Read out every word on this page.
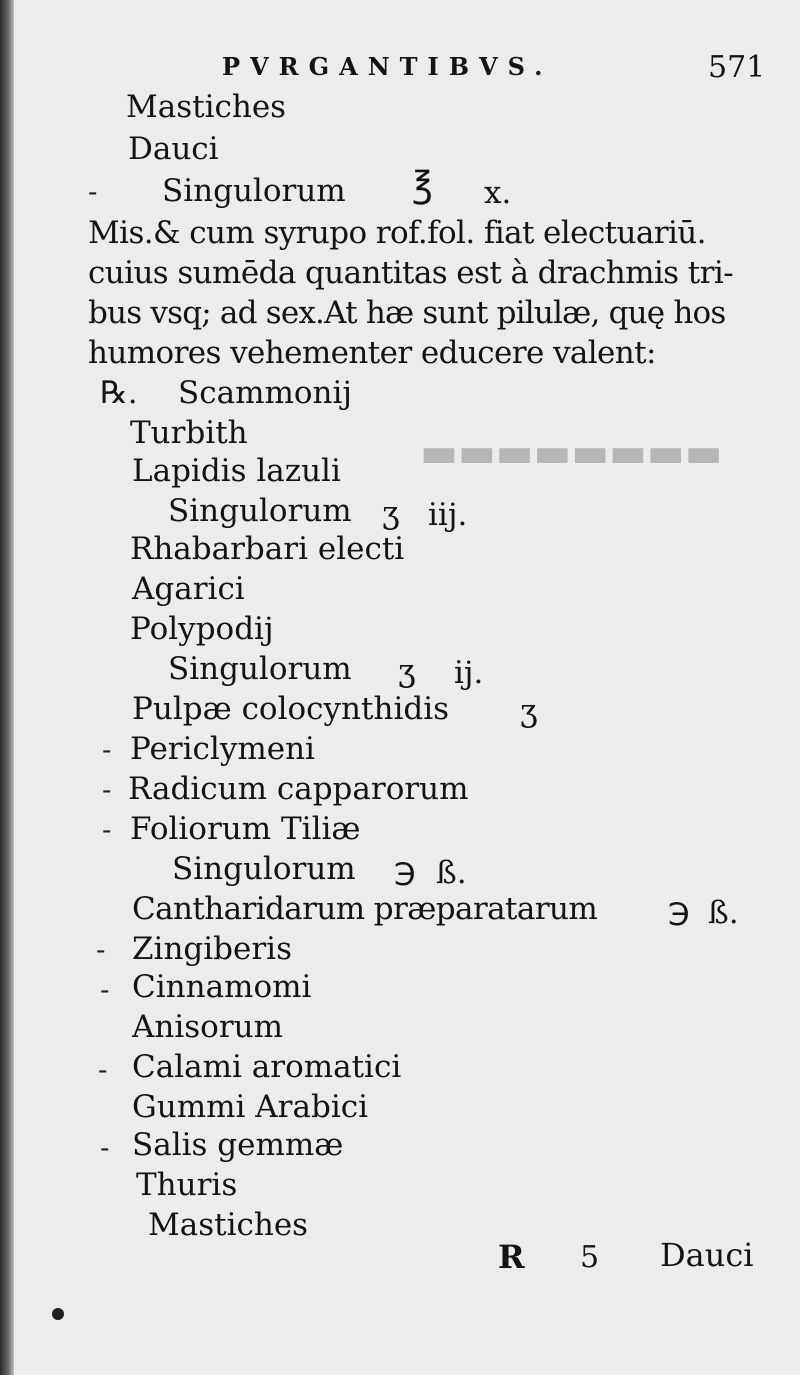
▬▬▬▬▬▬▬▬
PVRGANTIBVS.	571
Mastiches
Dauci
- Singulorum ℥ x.
Mis.& cum syrupo rof.fol. fiat electuariū.
cuius sumēda quantitas est à drachmis tri-
bus vsq; ad sex.At hæ sunt pilulæ, quę hos
humores vehementer educere valent:
℞. Scammonij
Turbith
Lapidis lazuli
Singulorum ʒ iij.
Rhabarbari electi
Agarici
Polypodij
Singulorum ʒ ij.
Pulpæ colocynthidis ʒ
- Periclymeni
- Radicum capparorum
- Foliorum Tiliæ
Singulorum ℈ ß.
Cantharidarum præparatarum ℈ ß.
- Zingiberis
- Cinnamomi
Anisorum
- Calami aromatici
Gummi Arabici
- Salis gemmæ
Thuris
Mastiches
R 5 Dauci
